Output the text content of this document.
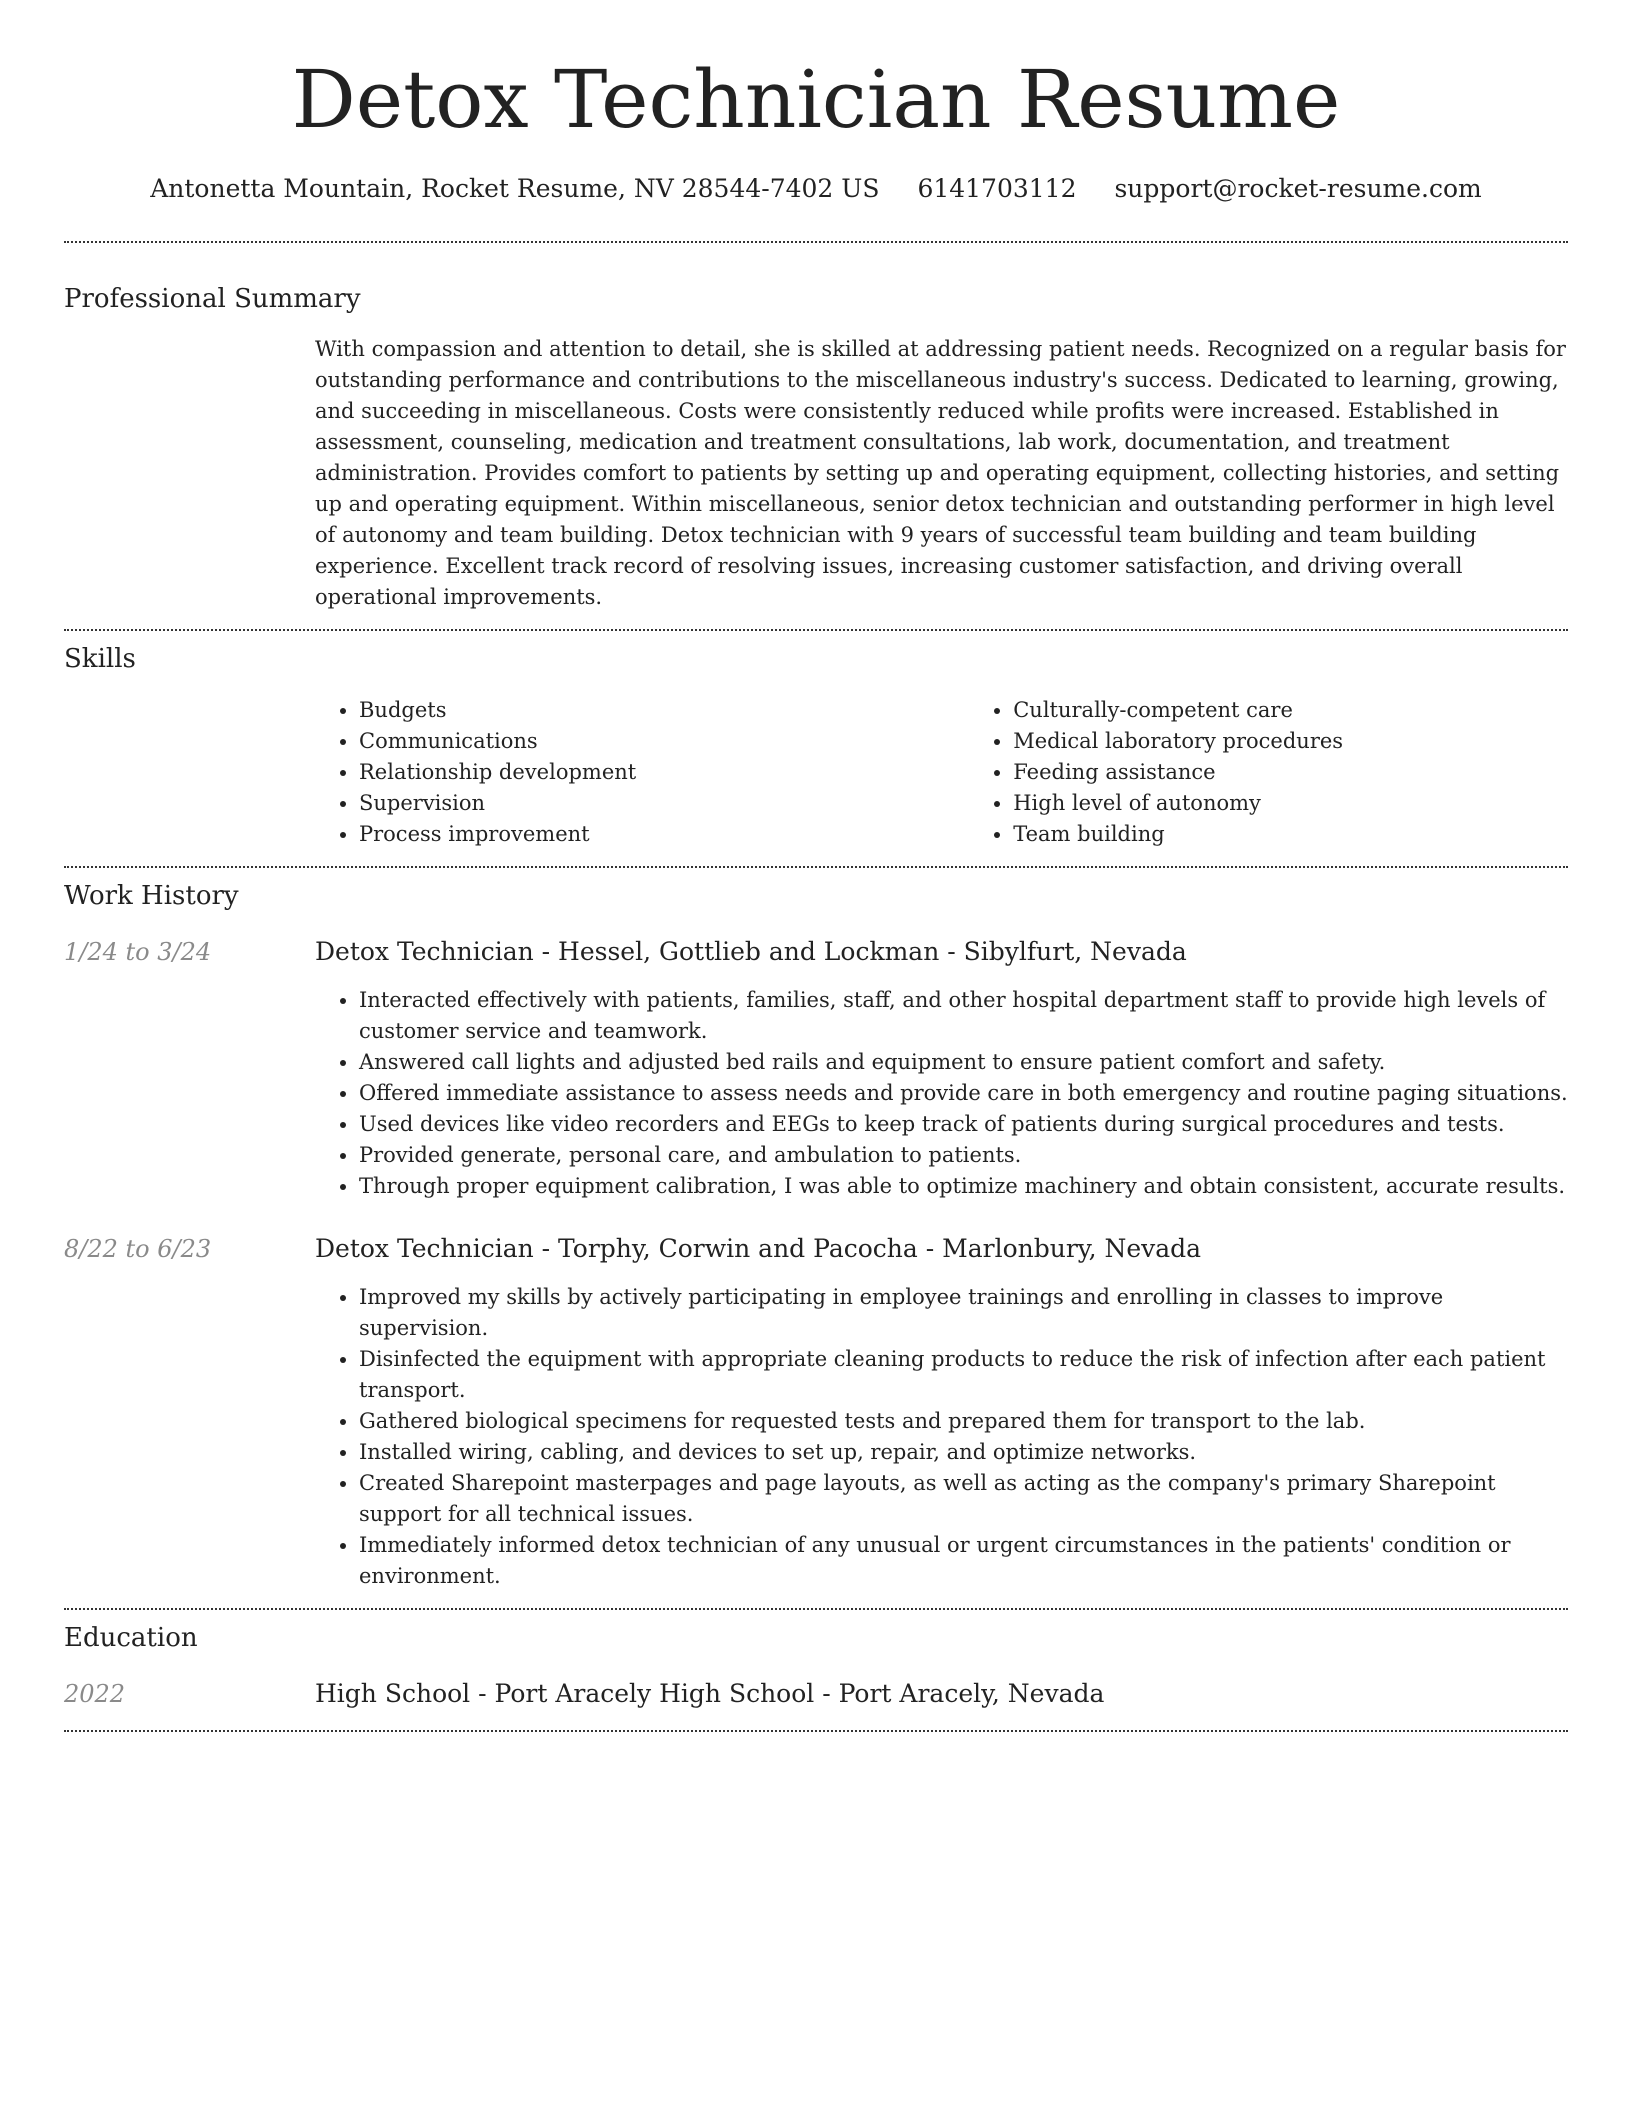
Detox Technician Resume
Antonetta Mountain, Rocket Resume, NV 28544-7402 US 6141703112 support@rocket-resume.com
Professional Summary

With compassion and attention to detail, she is skilled at addressing patient needs. Recognized on a regular basis for outstanding performance and contributions to the miscellaneous industry's success. Dedicated to learning, growing, and succeeding in miscellaneous. Costs were consistently reduced while profits were increased. Established in assessment, counseling, medication and treatment consultations, lab work, documentation, and treatment administration. Provides comfort to patients by setting up and operating equipment, collecting histories, and setting up and operating equipment. Within miscellaneous, senior detox technician and outstanding performer in high level of autonomy and team building. Detox technician with 9 years of successful team building and team building experience. Excellent track record of resolving issues, increasing customer satisfaction, and driving overall operational improvements.

Skills
• Budgets
• Communications
• Relationship development
• Supervision
• Process improvement
• Culturally-competent care
• Medical laboratory procedures
• Feeding assistance
• High level of autonomy
• Team building
Work History
1/24 to 3/24	Detox Technician - Hessel, Gottlieb and Lockman - Sibylfurt, Nevada
• Interacted effectively with patients, families, staff, and other hospital department staff to provide high levels of customer service and teamwork.
• Answered call lights and adjusted bed rails and equipment to ensure patient comfort and safety.
• Offered immediate assistance to assess needs and provide care in both emergency and routine paging situations.
• Used devices like video recorders and EEGs to keep track of patients during surgical procedures and tests.
• Provided generate, personal care, and ambulation to patients.
• Through proper equipment calibration, I was able to optimize machinery and obtain consistent, accurate results.
8/22 to 6/23	Detox Technician - Torphy, Corwin and Pacocha - Marlonbury, Nevada
• Improved my skills by actively participating in employee trainings and enrolling in classes to improve supervision.
• Disinfected the equipment with appropriate cleaning products to reduce the risk of infection after each patient transport.
• Gathered biological specimens for requested tests and prepared them for transport to the lab.
• Installed wiring, cabling, and devices to set up, repair, and optimize networks.
• Created Sharepoint masterpages and page layouts, as well as acting as the company's primary Sharepoint support for all technical issues.
• Immediately informed detox technician of any unusual or urgent circumstances in the patients' condition or environment.
Education
2022	High School - Port Aracely High School - Port Aracely, Nevada
